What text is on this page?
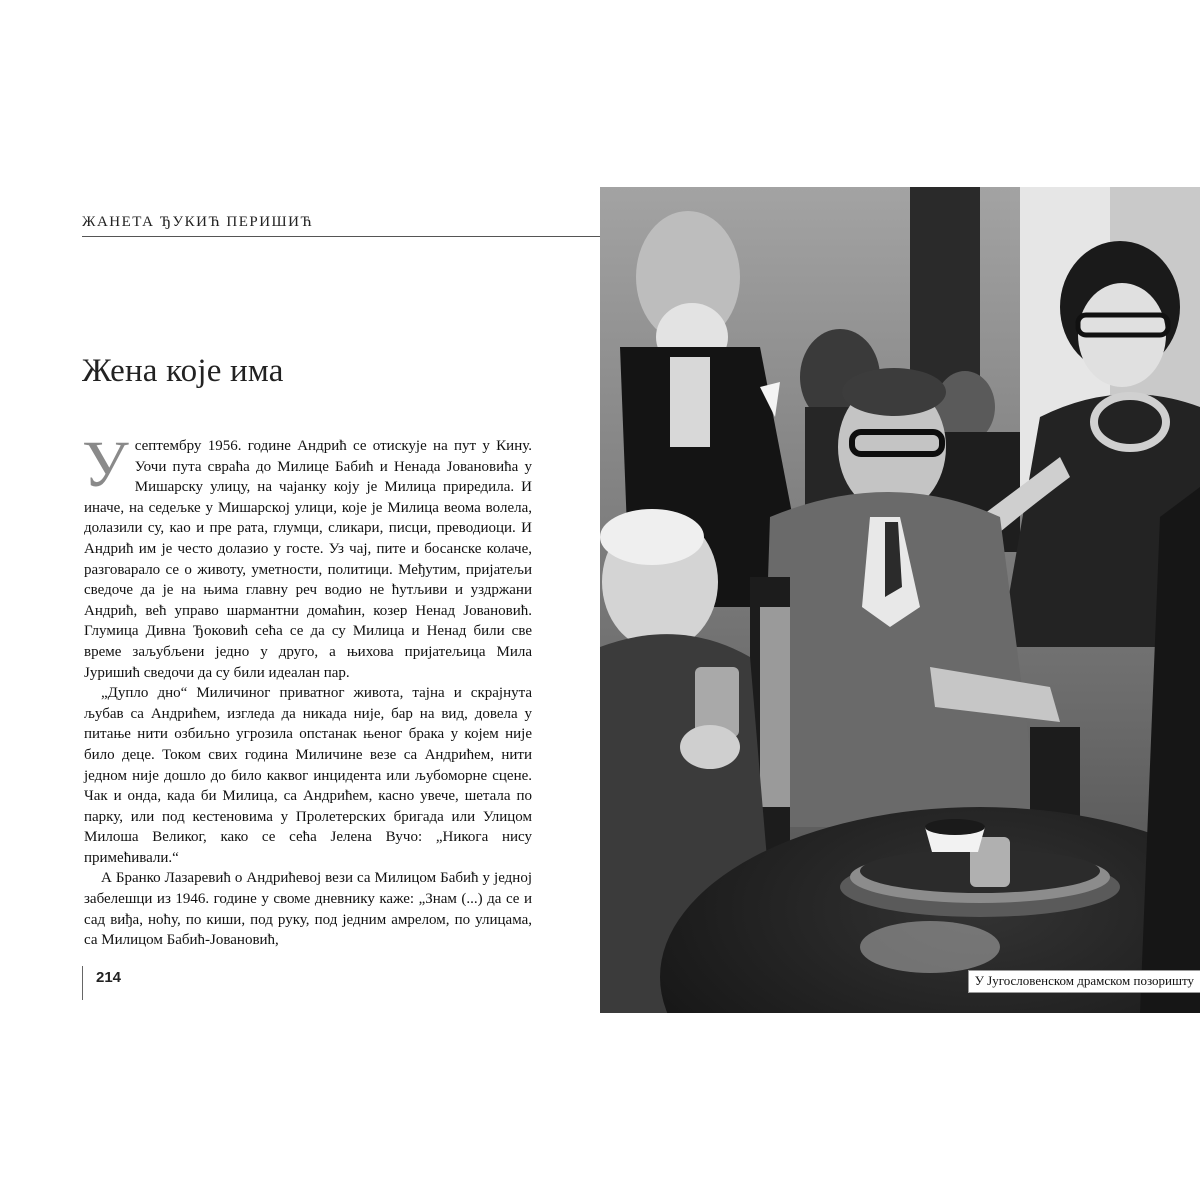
ЖАНЕТА ЂУКИЋ ПЕРИШИЋ
Жена које има

Усептембру 1956. године Андрић се отискује на пут у Кину. Уочи пута свраћа до Милице Бабић и Ненада Јовановића у Мишарску улицу, на чајанку коју је Милица приредила. И иначе, на седељке у Мишарској улици, које је Милица веома волела, долазили су, као и пре рата, глумци, сликари, писци, преводиоци. И Андрић им је често долазио у госте. Уз чај, пите и босанске колаче, разговарало се о животу, уметности, политици. Међутим, пријатељи сведоче да је на њима главну реч водио не ћутљиви и уздржани Андрић, већ управо шармантни домаћин, козер Ненад Јовановић. Глумица Дивна Ђоковић сећа се да су Милица и Ненад били све време заљубљени једно у друго, а њихова пријатељица Мила Јуришић сведочи да су били идеалан пар.

„Дупло дно“ Миличиног приватног живота, тајна и скрајнута љубав са Андрићем, изгледа да никада није, бар на вид, довела у питање нити озбиљно угрозила опстанак њеног брака у којем није било деце. Током свих година Миличине везе са Андрићем, нити једном није дошло до било каквог инцидента или љубоморне сцене. Чак и онда, када би Милица, са Андрићем, касно увече, шетала по парку, или под кестеновима у Пролетерских бригада или Улицом Милоша Великог, како се сећа Јелена Вучо: „Никога нису примећивали.“

А Бранко Лазаревић о Андрићевој вези са Милицом Бабић у једној забелешци из 1946. године у своме дневнику каже: „Знам (...) да се и сад виђа, ноћу, по киши, под руку, под једним амрелом, по улицама, са Милицом Бабић-Јовановић,

214	У Југословенском драмском позоришту
